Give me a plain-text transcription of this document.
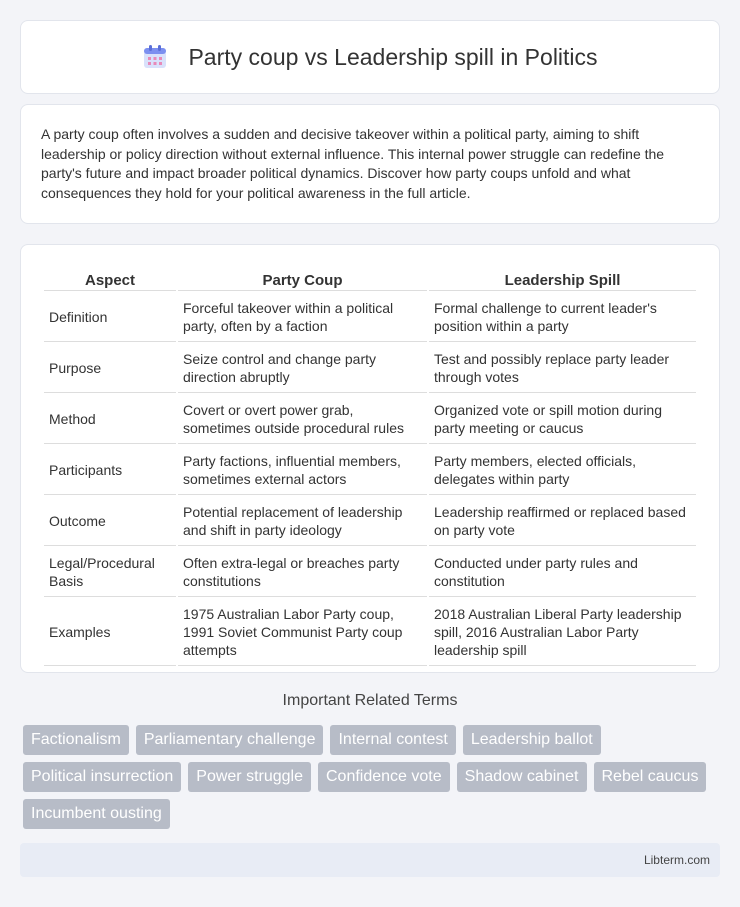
Party coup vs Leadership spill in Politics

A party coup often involves a sudden and decisive takeover within a political party, aiming to shift leadership or policy direction without external influence. This internal power struggle can redefine the party's future and impact broader political dynamics. Discover how party coups unfold and what consequences they hold for your political awareness in the full article.

Aspect	Party Coup	Leadership Spill
Definition	Forceful takeover within a political party, often by a faction	Formal challenge to current leader's position within a party
Purpose	Seize control and change party direction abruptly	Test and possibly replace party leader through votes
Method	Covert or overt power grab, sometimes outside procedural rules	Organized vote or spill motion during party meeting or caucus
Participants	Party factions, influential members, sometimes external actors	Party members, elected officials, delegates within party
Outcome	Potential replacement of leadership and shift in party ideology	Leadership reaffirmed or replaced based on party vote
Legal/Procedural Basis	Often extra-legal or breaches party constitutions	Conducted under party rules and constitution
Examples	1975 Australian Labor Party coup, 1991 Soviet Communist Party coup attempts	2018 Australian Liberal Party leadership spill, 2016 Australian Labor Party leadership spill
Important Related Terms
Factionalism	Parliamentary challenge	Internal contest	Leadership ballot
Political insurrection	Power struggle	Confidence vote	Shadow cabinet	Rebel caucus
Incumbent ousting
Libterm.com
